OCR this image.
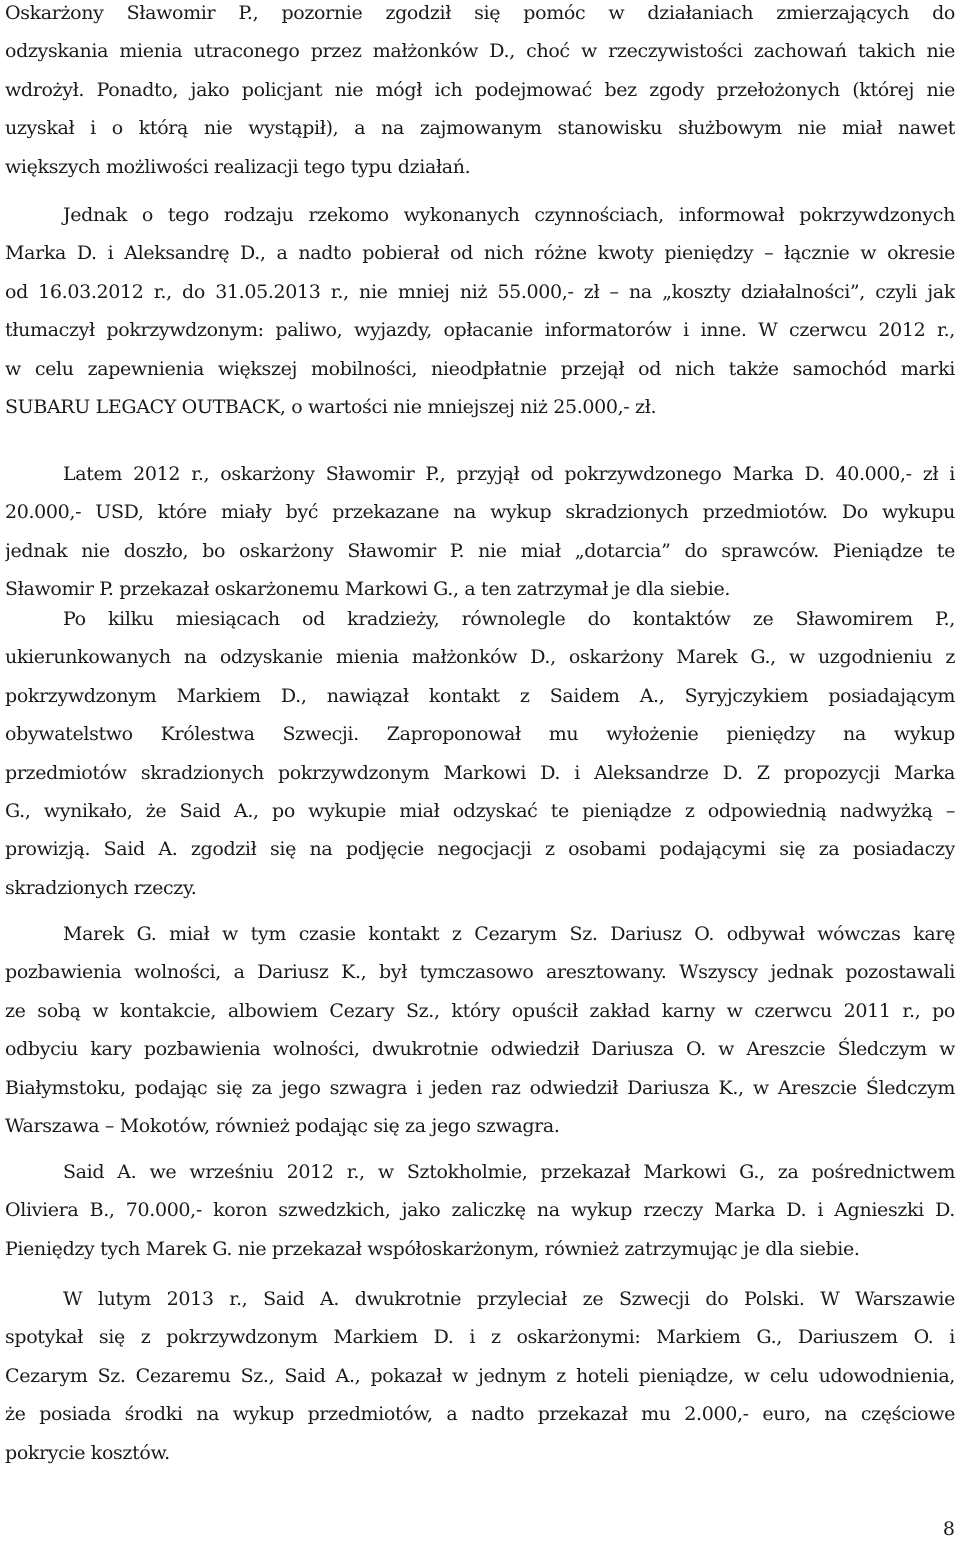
Oskarżony Sławomir P., pozornie zgodził się pomóc w działaniach zmierzających do
odzyskania mienia utraconego przez małżonków D., choć w rzeczywistości zachowań takich nie
wdrożył. Ponadto, jako policjant nie mógł ich podejmować bez zgody przełożonych (której nie
uzyskał i o którą nie wystąpił), a na zajmowanym stanowisku służbowym nie miał nawet
większych możliwości realizacji tego typu działań.
Jednak o tego rodzaju rzekomo wykonanych czynnościach, informował pokrzywdzonych
Marka D. i Aleksandrę D., a nadto pobierał od nich różne kwoty pieniędzy – łącznie w okresie
od 16.03.2012 r., do 31.05.2013 r., nie mniej niż 55.000,- zł – na „koszty działalności”, czyli jak
tłumaczył pokrzywdzonym: paliwo, wyjazdy, opłacanie informatorów i inne. W czerwcu 2012 r.,
w celu zapewnienia większej mobilności, nieodpłatnie przejął od nich także samochód marki
SUBARU LEGACY OUTBACK, o wartości nie mniejszej niż 25.000,- zł.
Latem 2012 r., oskarżony Sławomir P., przyjął od pokrzywdzonego Marka D. 40.000,- zł i
20.000,- USD, które miały być przekazane na wykup skradzionych przedmiotów. Do wykupu
jednak nie doszło, bo oskarżony Sławomir P. nie miał „dotarcia” do sprawców. Pieniądze te
Sławomir P. przekazał oskarżonemu Markowi G., a ten zatrzymał je dla siebie.
Po kilku miesiącach od kradzieży, równolegle do kontaktów ze Sławomirem P.,
ukierunkowanych na odzyskanie mienia małżonków D., oskarżony Marek G., w uzgodnieniu z
pokrzywdzonym Markiem D., nawiązał kontakt z Saidem A., Syryjczykiem posiadającym
obywatelstwo Królestwa Szwecji. Zaproponował mu wyłożenie pieniędzy na wykup
przedmiotów skradzionych pokrzywdzonym Markowi D. i Aleksandrze D. Z propozycji Marka
G., wynikało, że Said A., po wykupie miał odzyskać te pieniądze z odpowiednią nadwyżką –
prowizją. Said A. zgodził się na podjęcie negocjacji z osobami podającymi się za posiadaczy
skradzionych rzeczy.
Marek G. miał w tym czasie kontakt z Cezarym Sz. Dariusz O. odbywał wówczas karę
pozbawienia wolności, a Dariusz K., był tymczasowo aresztowany. Wszyscy jednak pozostawali
ze sobą w kontakcie, albowiem Cezary Sz., który opuścił zakład karny w czerwcu 2011 r., po
odbyciu kary pozbawienia wolności, dwukrotnie odwiedził Dariusza O. w Areszcie Śledczym w
Białymstoku, podając się za jego szwagra i jeden raz odwiedził Dariusza K., w Areszcie Śledczym
Warszawa – Mokotów, również podając się za jego szwagra.
Said A. we wrześniu 2012 r., w Sztokholmie, przekazał Markowi G., za pośrednictwem
Oliviera B., 70.000,- koron szwedzkich, jako zaliczkę na wykup rzeczy Marka D. i Agnieszki D.
Pieniędzy tych Marek G. nie przekazał współoskarżonym, również zatrzymując je dla siebie.
W lutym 2013 r., Said A. dwukrotnie przyleciał ze Szwecji do Polski. W Warszawie
spotykał się z pokrzywdzonym Markiem D. i z oskarżonymi: Markiem G., Dariuszem O. i
Cezarym Sz. Cezaremu Sz., Said A., pokazał w jednym z hoteli pieniądze, w celu udowodnienia,
że posiada środki na wykup przedmiotów, a nadto przekazał mu 2.000,- euro, na częściowe
pokrycie kosztów.
8
